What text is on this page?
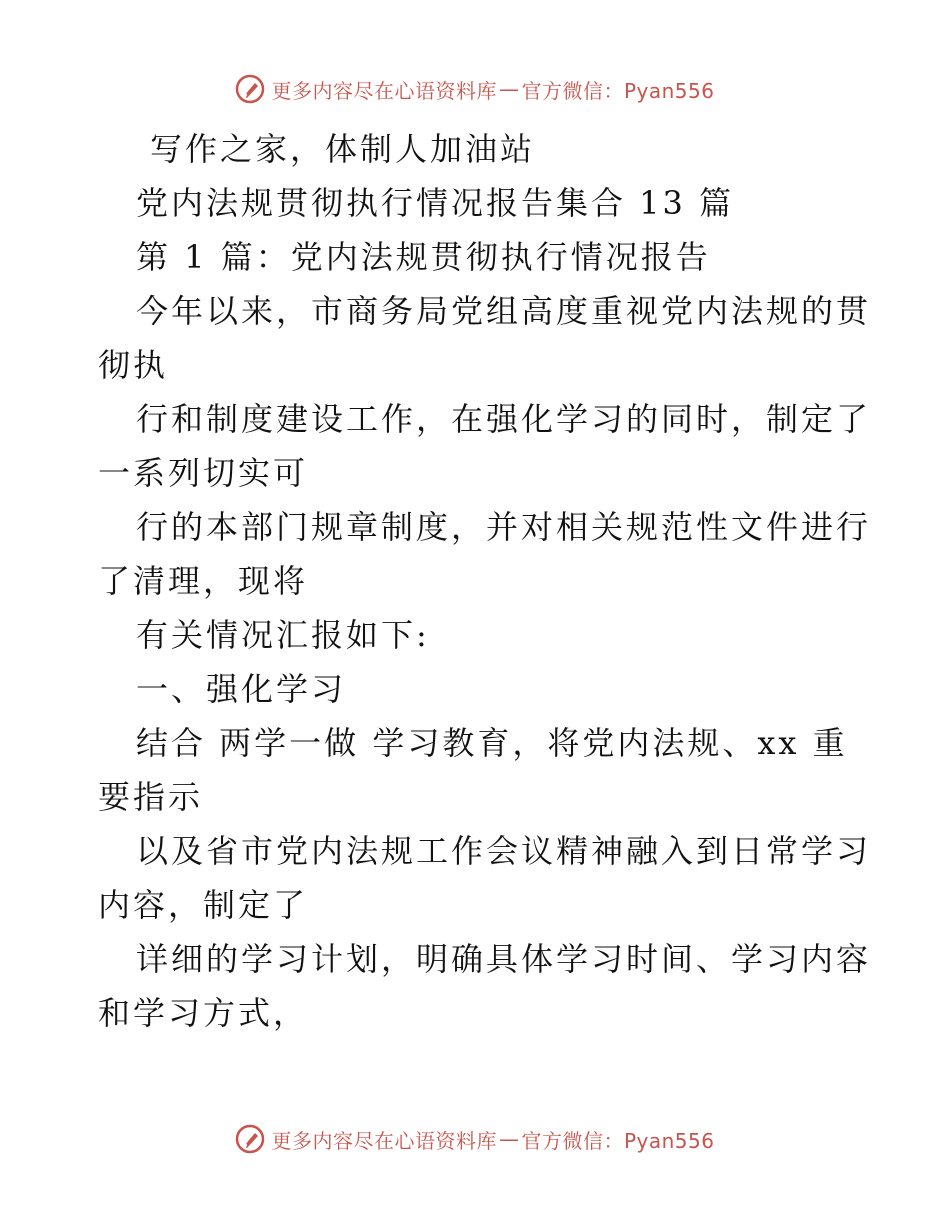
更多内容尽在心语资料库 — 官方微信：Pyan556
写作之家，体制人加油站
党内法规贯彻执行情况报告集合 13 篇
第 1 篇：党内法规贯彻执行情况报告
今年以来，市商务局党组高度重视党内法规的贯
彻执
行和制度建设工作，在强化学习的同时，制定了
一系列切实可
行的本部门规章制度，并对相关规范性文件进行
了清理，现将
有关情况汇报如下:
一、强化学习
结合 两学一做 学习教育，将党内法规、xx 重
要指示
以及省市党内法规工作会议精神融入到日常学习
内容，制定了
详细的学习计划，明确具体学习时间、学习内容
和学习方式，
更多内容尽在心语资料库 — 官方微信：Pyan556
